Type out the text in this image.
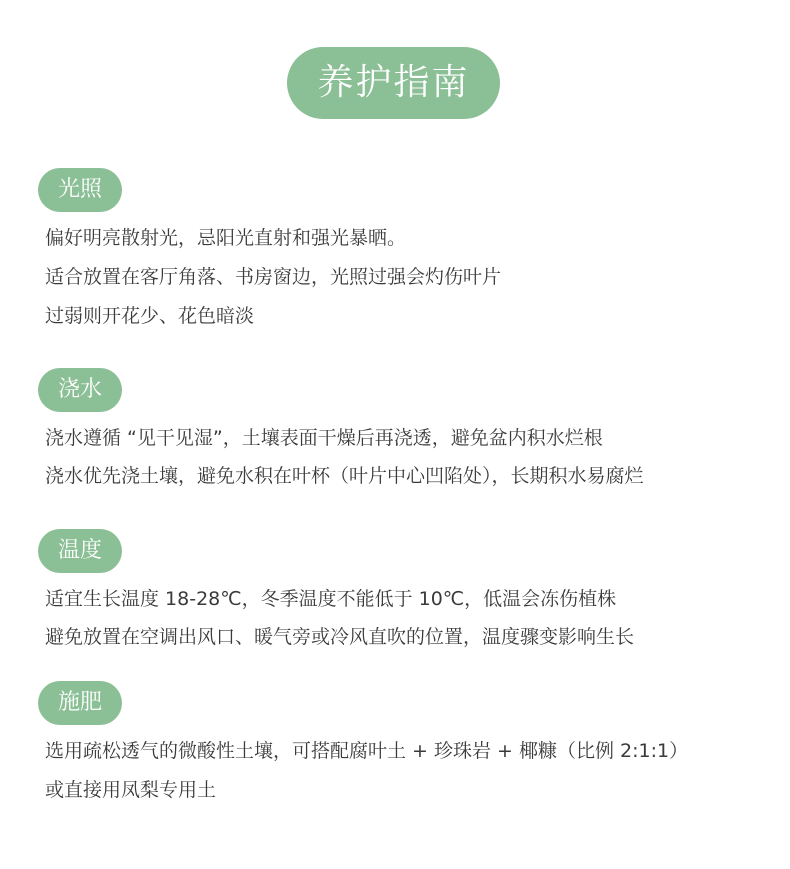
养护指南
光照
偏好明亮散射光，忌阳光直射和强光暴晒。
适合放置在客厅角落、书房窗边，光照过强会灼伤叶片
过弱则开花少、花色暗淡
浇水
浇水遵循 “见干见湿”，土壤表面干燥后再浇透，避免盆内积水烂根
浇水优先浇土壤，避免水积在叶杯（叶片中心凹陷处），长期积水易腐烂
温度
适宜生长温度 18-28℃，冬季温度不能低于 10℃，低温会冻伤植株
避免放置在空调出风口、暖气旁或冷风直吹的位置，温度骤变影响生长
施肥
选用疏松透气的微酸性土壤，可搭配腐叶土 + 珍珠岩 + 椰糠（比例 2:1:1）
或直接用凤梨专用土
